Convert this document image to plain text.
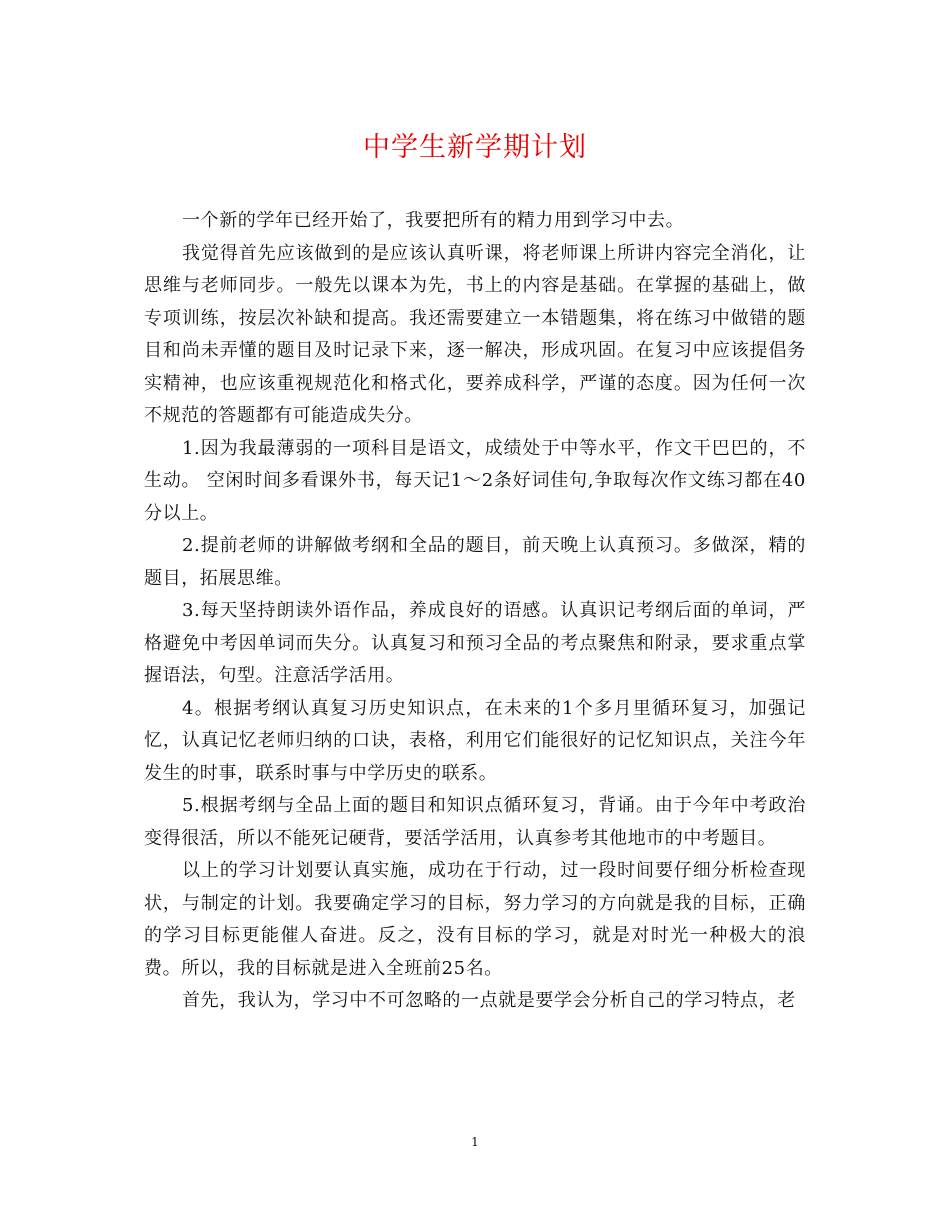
中学生新学期计划

一个新的学年已经开始了，我要把所有的精力用到学习中去。

我觉得首先应该做到的是应该认真听课，将老师课上所讲内容完全消化，让思维与老师同步。一般先以课本为先，书上的内容是基础。在掌握的基础上，做专项训练，按层次补缺和提高。我还需要建立一本错题集，将在练习中做错的题目和尚未弄懂的题目及时记录下来，逐一解决，形成巩固。在复习中应该提倡务实精神，也应该重视规范化和格式化，要养成科学，严谨的态度。因为任何一次不规范的答题都有可能造成失分。

1.因为我最薄弱的一项科目是语文，成绩处于中等水平，作文干巴巴的，不生动。 空闲时间多看课外书，每天记1～2条好词佳句,争取每次作文练习都在40分以上。

2.提前老师的讲解做考纲和全品的题目，前天晚上认真预习。多做深，精的题目，拓展思维。

3.每天坚持朗读外语作品，养成良好的语感。认真识记考纲后面的单词，严格避免中考因单词而失分。认真复习和预习全品的考点聚焦和附录，要求重点掌握语法，句型。注意活学活用。

4。根据考纲认真复习历史知识点，在未来的1个多月里循环复习，加强记忆，认真记忆老师归纳的口诀，表格，利用它们能很好的记忆知识点，关注今年发生的时事，联系时事与中学历史的联系。

5.根据考纲与全品上面的题目和知识点循环复习，背诵。由于今年中考政治变得很活，所以不能死记硬背，要活学活用，认真参考其他地市的中考题目。

以上的学习计划要认真实施，成功在于行动，过一段时间要仔细分析检查现状，与制定的计划。我要确定学习的目标，努力学习的方向就是我的目标，正确的学习目标更能催人奋进。反之，没有目标的学习，就是对时光一种极大的浪费。所以，我的目标就是进入全班前25名。

首先，我认为，学习中不可忽略的一点就是要学会分析自己的学习特点，老

1
